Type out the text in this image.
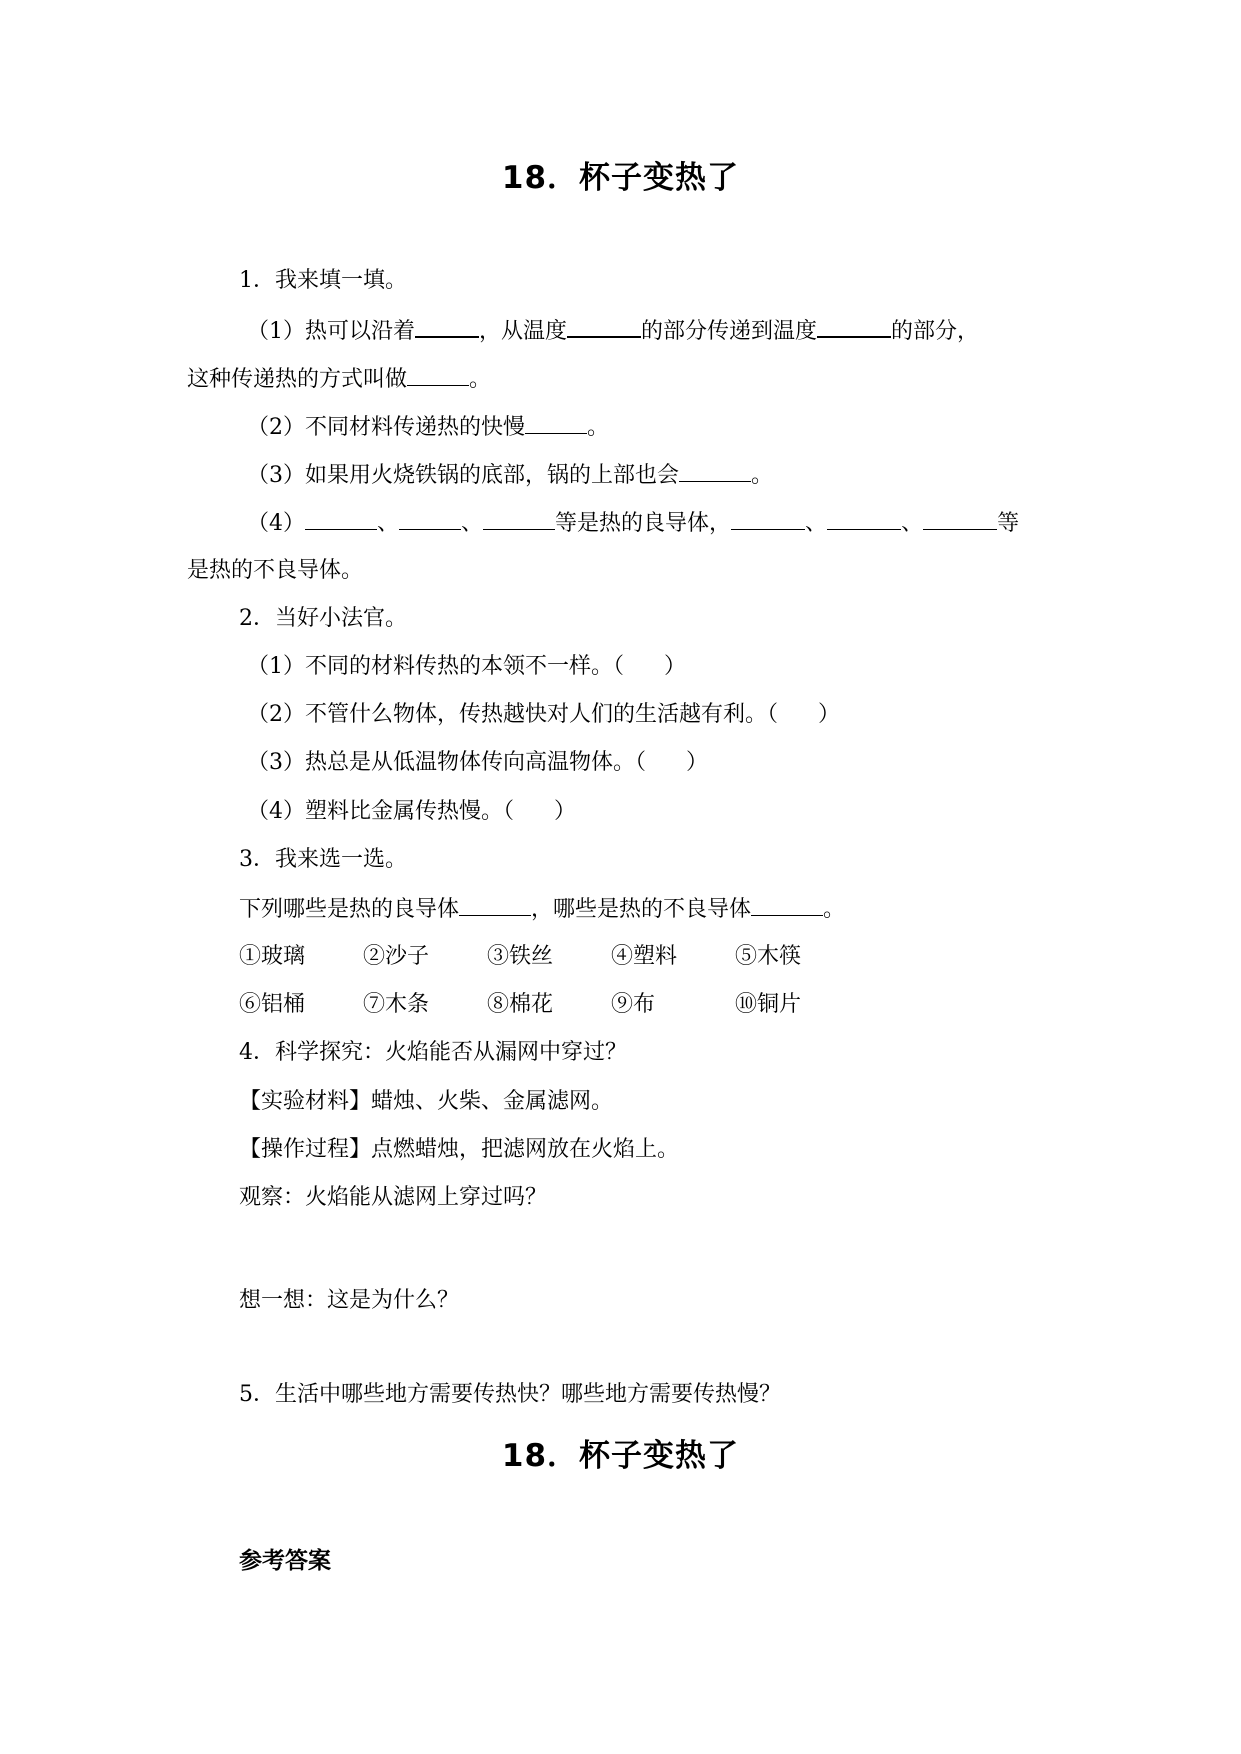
18．杯子变热了
1．我来填一填。
（1）热可以沿着	，从温度	的部分传递到温度	的部分，
这种传递热的方式叫做	。
（2）不同材料传递热的快慢	。
（3）如果用火烧铁锅的底部，锅的上部也会	。
（4）	、	、	等是热的良导体，	、	、	等
是热的不良导体。
2．当好小法官。
（1）不同的材料传热的本领不一样。（ ）
（2）不管什么物体，传热越快对人们的生活越有利。（ ）
（3）热总是从低温物体传向高温物体。（ ）
（4）塑料比金属传热慢。（ ）
3．我来选一选。
下列哪些是热的良导体	，哪些是热的不良导体	。
①玻璃	②沙子	③铁丝	④塑料	⑤木筷
⑥铝桶	⑦木条	⑧棉花	⑨布	⑩铜片
4．科学探究：火焰能否从漏网中穿过？
【实验材料】蜡烛、火柴、金属滤网。
【操作过程】点燃蜡烛，把滤网放在火焰上。
观察：火焰能从滤网上穿过吗？
想一想：这是为什么？
5．生活中哪些地方需要传热快？哪些地方需要传热慢？
18．杯子变热了
参考答案
